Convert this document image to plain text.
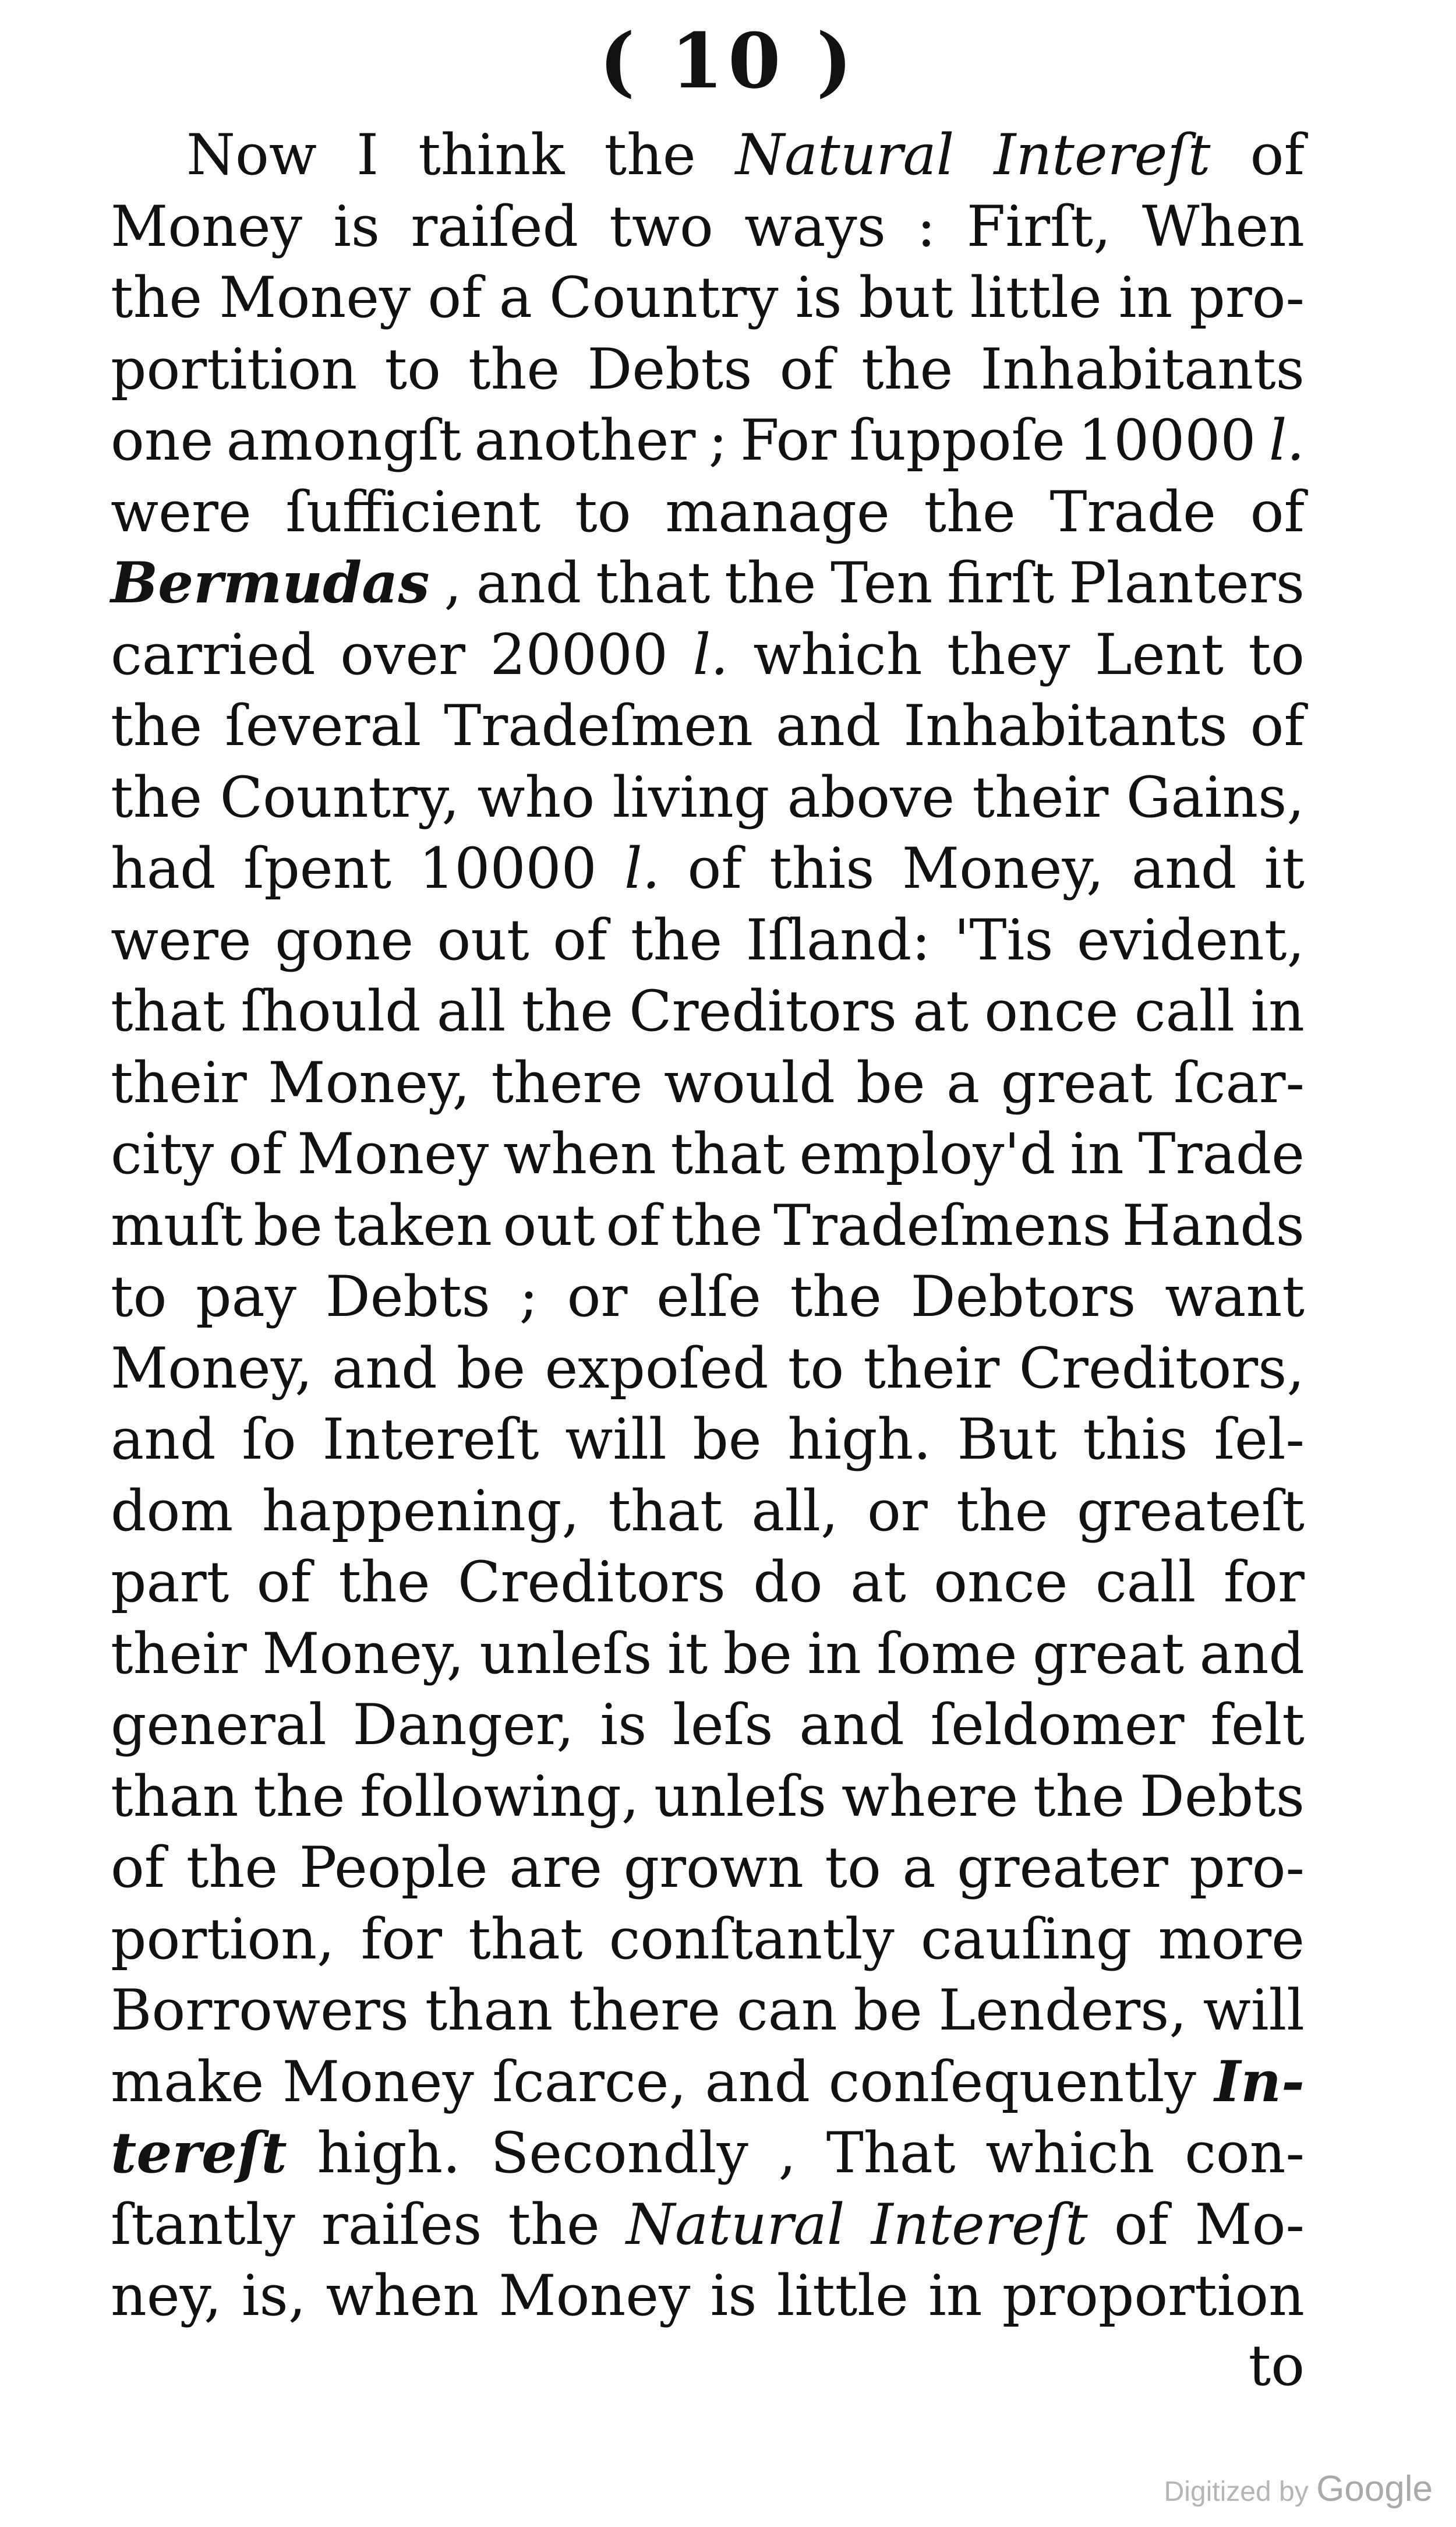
( 10 )
Now I think the Natural Intereſt of
Money is raiſed two ways : Firſt, When
the Money of a Country is but little in pro-
portition to the Debts of the Inhabitants
one amongſt another ; For ſuppoſe 10000 l.
were ſufficient to manage the Trade of
Bermudas , and that the Ten firſt Planters
carried over 20000 l. which they Lent to
the ſeveral Tradeſmen and Inhabitants of
the Country, who living above their Gains,
had ſpent 10000 l. of this Money, and it
were gone out of the Iſland: 'Tis evident,
that ſhould all the Creditors at once call in
their Money, there would be a great ſcar-
city of Money when that employ'd in Trade
muſt be taken out of the Tradeſmens Hands
to pay Debts ; or elſe the Debtors want
Money, and be expoſed to their Creditors,
and ſo Intereſt will be high. But this ſel-
dom happening, that all, or the greateſt
part of the Creditors do at once call for
their Money, unleſs it be in ſome great and
general Danger, is leſs and ſeldomer felt
than the following, unleſs where the Debts
of the People are grown to a greater pro-
portion, for that conſtantly cauſing more
Borrowers than there can be Lenders, will
make Money ſcarce, and conſequently In-
tereſt high. Secondly , That which con-
ſtantly raiſes the Natural Intereſt of Mo-
ney, is, when Money is little in proportion
to
Digitized by Google
